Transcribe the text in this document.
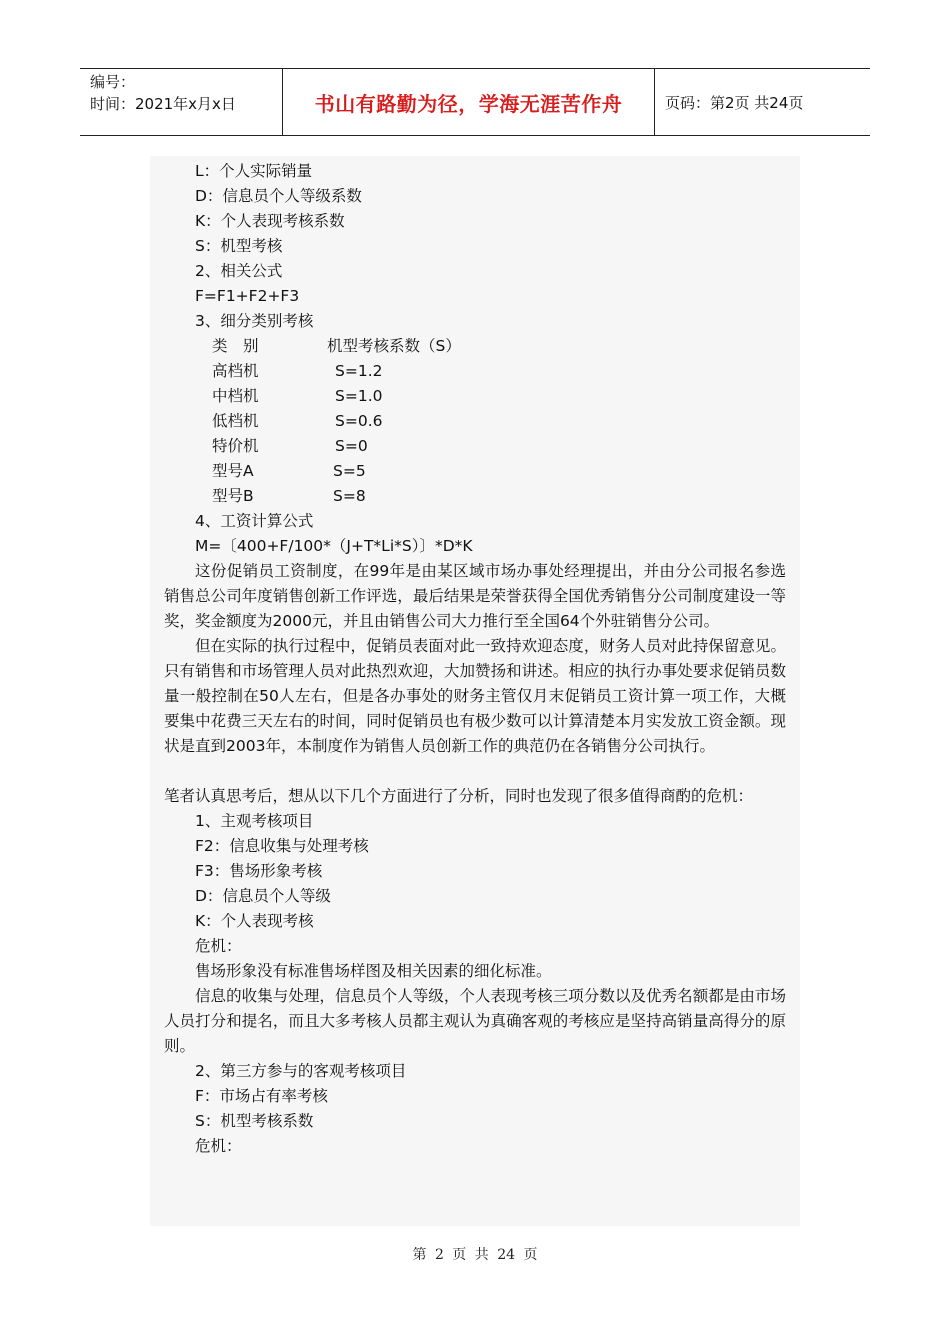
编号：
时间：2021年x月x日	书山有路勤为径，学海无涯苦作舟	页码：第2页 共24页
L：个人实际销量
D：信息员个人等级系数
K：个人表现考核系数
S：机型考核
2、相关公式
F=F1+F2+F3
3、细分类别考核
类　别	机型考核系数（S）
高档机	S=1.2
中档机	S=1.0
低档机	S=0.6
特价机	S=0
型号A	S=5
型号B	S=8
4、工资计算公式
M=〔400+F/100*（J+T*Li*S）〕*D*K
这份促销员工资制度，在99年是由某区域市场办事处经理提出，并由分公司报名参选销售总公司年度销售创新工作评选，最后结果是荣誉获得全国优秀销售分公司制度建设一等奖，奖金额度为2000元，并且由销售公司大力推行至全国64个外驻销售分公司。
但在实际的执行过程中，促销员表面对此一致持欢迎态度，财务人员对此持保留意见。只有销售和市场管理人员对此热烈欢迎，大加赞扬和讲述。相应的执行办事处要求促销员数量一般控制在50人左右，但是各办事处的财务主管仅月末促销员工资计算一项工作，大概要集中花费三天左右的时间，同时促销员也有极少数可以计算清楚本月实发放工资金额。现状是直到2003年，本制度作为销售人员创新工作的典范仍在各销售分公司执行。
笔者认真思考后，想从以下几个方面进行了分析，同时也发现了很多值得商酌的危机：
1、主观考核项目
F2：信息收集与处理考核
F3：售场形象考核
D：信息员个人等级
K：个人表现考核
危机：
售场形象没有标准售场样图及相关因素的细化标准。
信息的收集与处理，信息员个人等级，个人表现考核三项分数以及优秀名额都是由市场人员打分和提名，而且大多考核人员都主观认为真确客观的考核应是坚持高销量高得分的原则。
2、第三方参与的客观考核项目
F：市场占有率考核
S：机型考核系数
危机：
第 2 页 共 24 页
